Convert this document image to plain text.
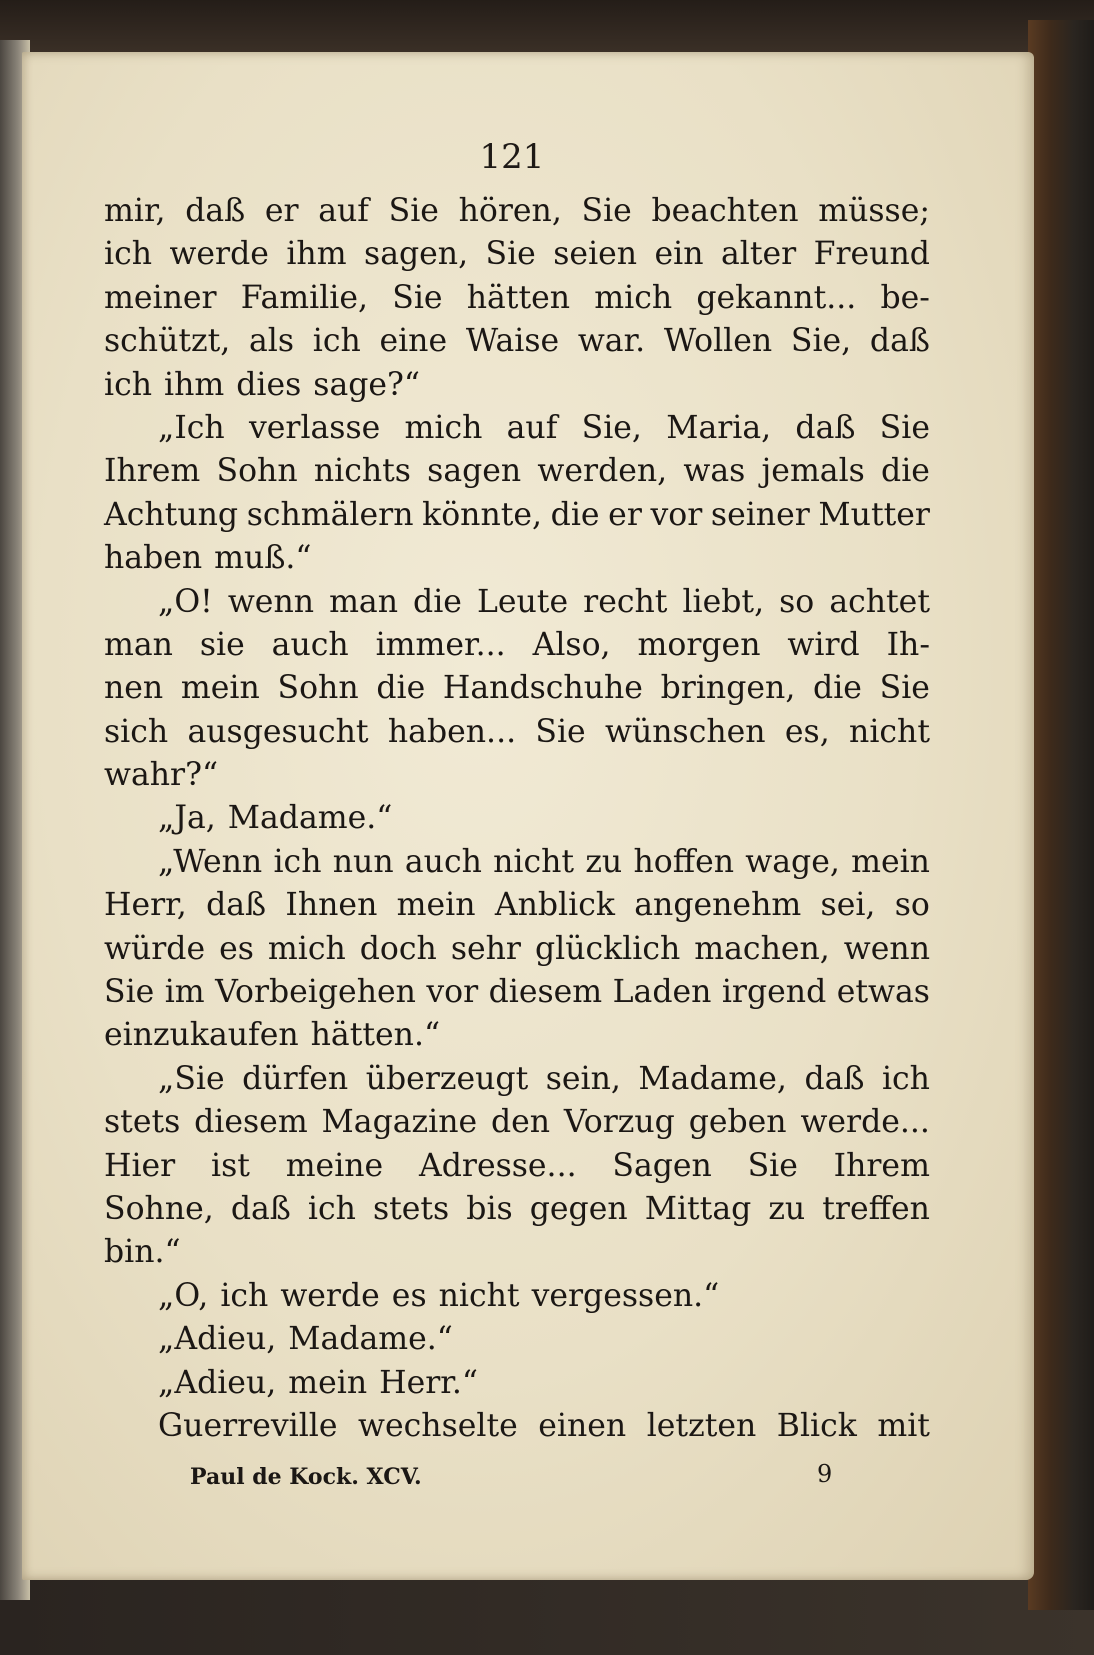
121
mir, daß er auf Sie hören, Sie beachten müsse;
ich werde ihm sagen, Sie seien ein alter Freund
meiner Familie, Sie hätten mich gekannt... be-
schützt, als ich eine Waise war. Wollen Sie, daß
ich ihm dies sage?“
„Ich verlasse mich auf Sie, Maria, daß Sie
Ihrem Sohn nichts sagen werden, was jemals die
Achtung schmälern könnte, die er vor seiner Mutter
haben muß.“
„O! wenn man die Leute recht liebt, so achtet
man sie auch immer... Also, morgen wird Ih-
nen mein Sohn die Handschuhe bringen, die Sie
sich ausgesucht haben... Sie wünschen es, nicht
wahr?“
„Ja, Madame.“
„Wenn ich nun auch nicht zu hoffen wage, mein
Herr, daß Ihnen mein Anblick angenehm sei, so
würde es mich doch sehr glücklich machen, wenn
Sie im Vorbeigehen vor diesem Laden irgend etwas
einzukaufen hätten.“
„Sie dürfen überzeugt sein, Madame, daß ich
stets diesem Magazine den Vorzug geben werde...
Hier ist meine Adresse... Sagen Sie Ihrem
Sohne, daß ich stets bis gegen Mittag zu treffen
bin.“
„O, ich werde es nicht vergessen.“
„Adieu, Madame.“
„Adieu, mein Herr.“
Guerreville wechselte einen letzten Blick mit
Paul de Kock. XCV.	9
